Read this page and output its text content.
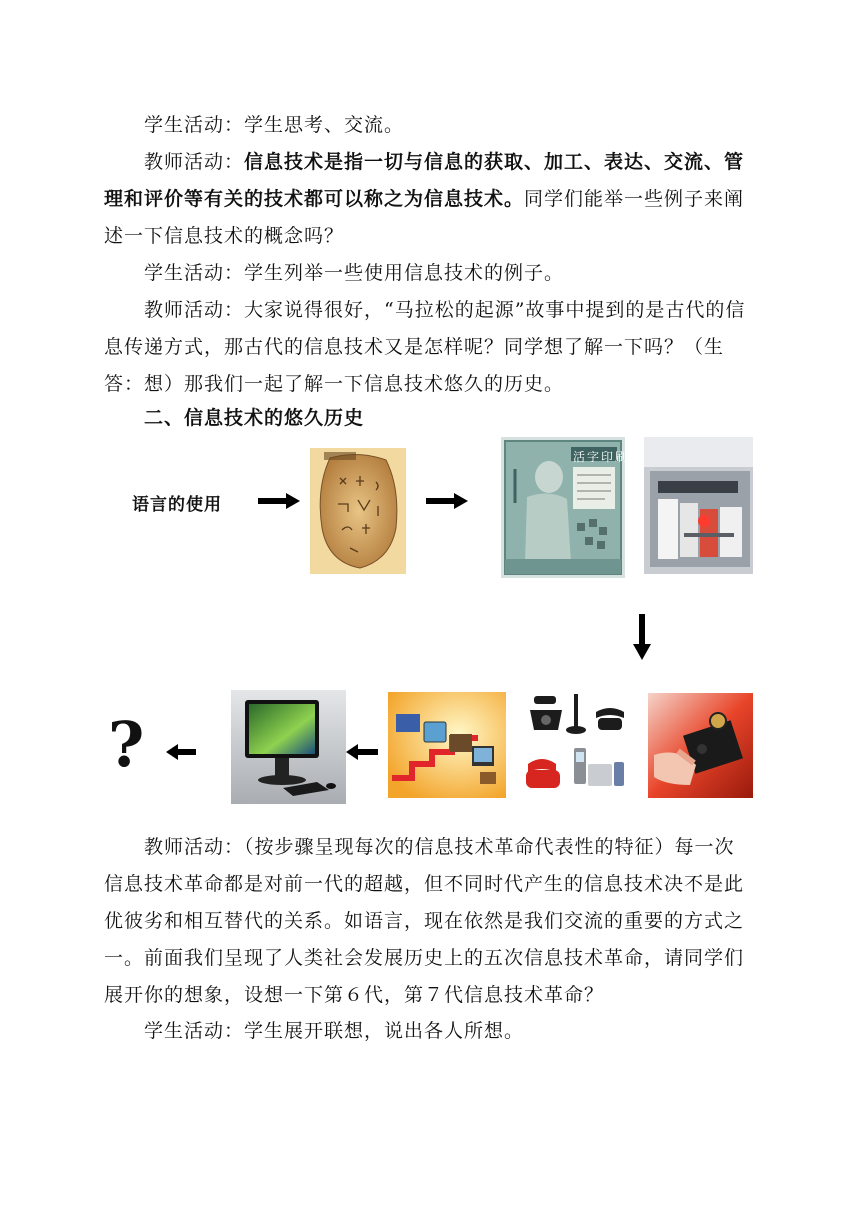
学生活动：学生思考、交流。

教师活动：信息技术是指一切与信息的获取、加工、表达、交流、管理和评价等有关的技术都可以称之为信息技术。同学们能举一些例子来阐述一下信息技术的概念吗？

学生活动：学生列举一些使用信息技术的例子。

教师活动：大家说得很好，“马拉松的起源”故事中提到的是古代的信息传递方式，那古代的信息技术又是怎样呢？同学想了解一下吗？（生答：想）那我们一起了解一下信息技术悠久的历史。

二、信息技术的悠久历史

语言的使用
活字印刷
?

教师活动：（按步骤呈现每次的信息技术革命代表性的特征）每一次信息技术革命都是对前一代的超越，但不同时代产生的信息技术决不是此优彼劣和相互替代的关系。如语言，现在依然是我们交流的重要的方式之一。前面我们呈现了人类社会发展历史上的五次信息技术革命，请同学们展开你的想象，设想一下第６代，第７代信息技术革命？

学生活动：学生展开联想，说出各人所想。
